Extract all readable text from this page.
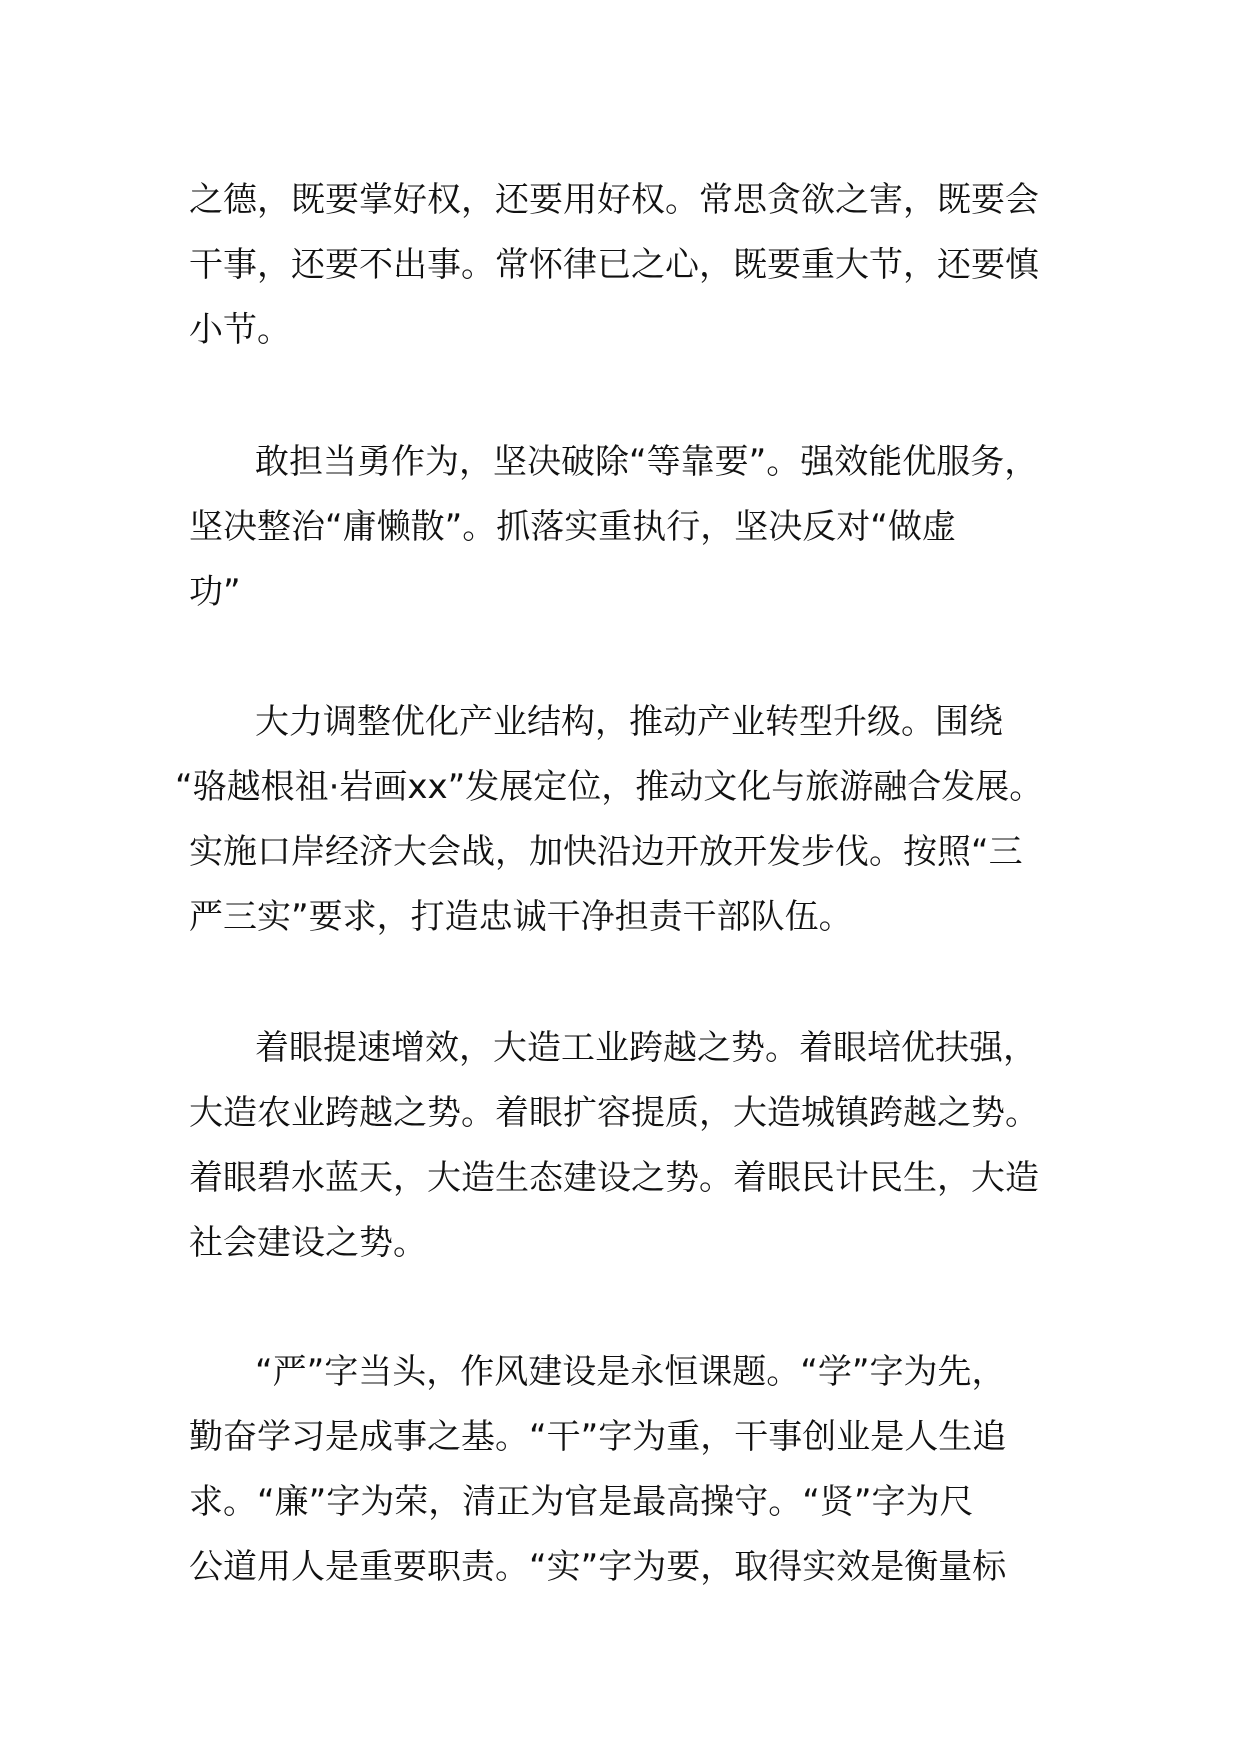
之德，既要掌好权，还要用好权。常思贪欲之害，既要会
干事，还要不出事。常怀律已之心，既要重大节，还要慎
小节。
敢担当勇作为，坚决破除“等靠要”。强效能优服务，
坚决整治“庸懒散”。抓落实重执行，坚决反对“做虚
功”
大力调整优化产业结构，推动产业转型升级。围绕
“骆越根祖·岩画xx”发展定位，推动文化与旅游融合发展。
实施口岸经济大会战，加快沿边开放开发步伐。按照“三
严三实”要求，打造忠诚干净担责干部队伍。
着眼提速增效，大造工业跨越之势。着眼培优扶强，
大造农业跨越之势。着眼扩容提质，大造城镇跨越之势。
着眼碧水蓝天，大造生态建设之势。着眼民计民生，大造
社会建设之势。
“严”字当头，作风建设是永恒课题。“学”字为先，
勤奋学习是成事之基。“干”字为重，干事创业是人生追
求。“廉”字为荣，清正为官是最高操守。“贤”字为尺
公道用人是重要职责。“实”字为要，取得实效是衡量标
